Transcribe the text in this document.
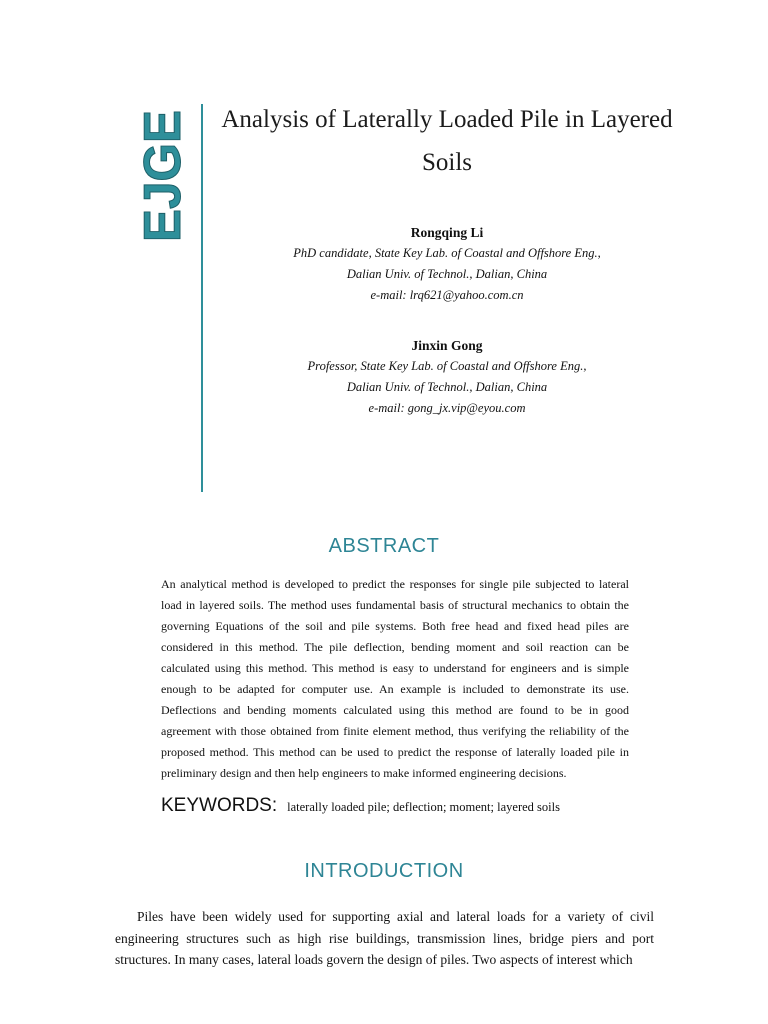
EJGE Analysis of Laterally Loaded Pile in Layered Soils
Rongqing Li
PhD candidate, State Key Lab. of Coastal and Offshore Eng.,
Dalian Univ. of Technol., Dalian, China
e-mail: lrq621@yahoo.com.cn
Jinxin Gong
Professor, State Key Lab. of Coastal and Offshore Eng.,
Dalian Univ. of Technol., Dalian, China
e-mail: gong_jx.vip@eyou.com
ABSTRACT
An analytical method is developed to predict the responses for single pile subjected to lateral load in layered soils. The method uses fundamental basis of structural mechanics to obtain the governing Equations of the soil and pile systems. Both free head and fixed head piles are considered in this method. The pile deflection, bending moment and soil reaction can be calculated using this method. This method is easy to understand for engineers and is simple enough to be adapted for computer use. An example is included to demonstrate its use. Deflections and bending moments calculated using this method are found to be in good agreement with those obtained from finite element method, thus verifying the reliability of the proposed method. This method can be used to predict the response of laterally loaded pile in preliminary design and then help engineers to make informed engineering decisions.
KEYWORDS: laterally loaded pile; deflection; moment; layered soils
INTRODUCTION
Piles have been widely used for supporting axial and lateral loads for a variety of civil engineering structures such as high rise buildings, transmission lines, bridge piers and port structures. In many cases, lateral loads govern the design of piles. Two aspects of interest which
